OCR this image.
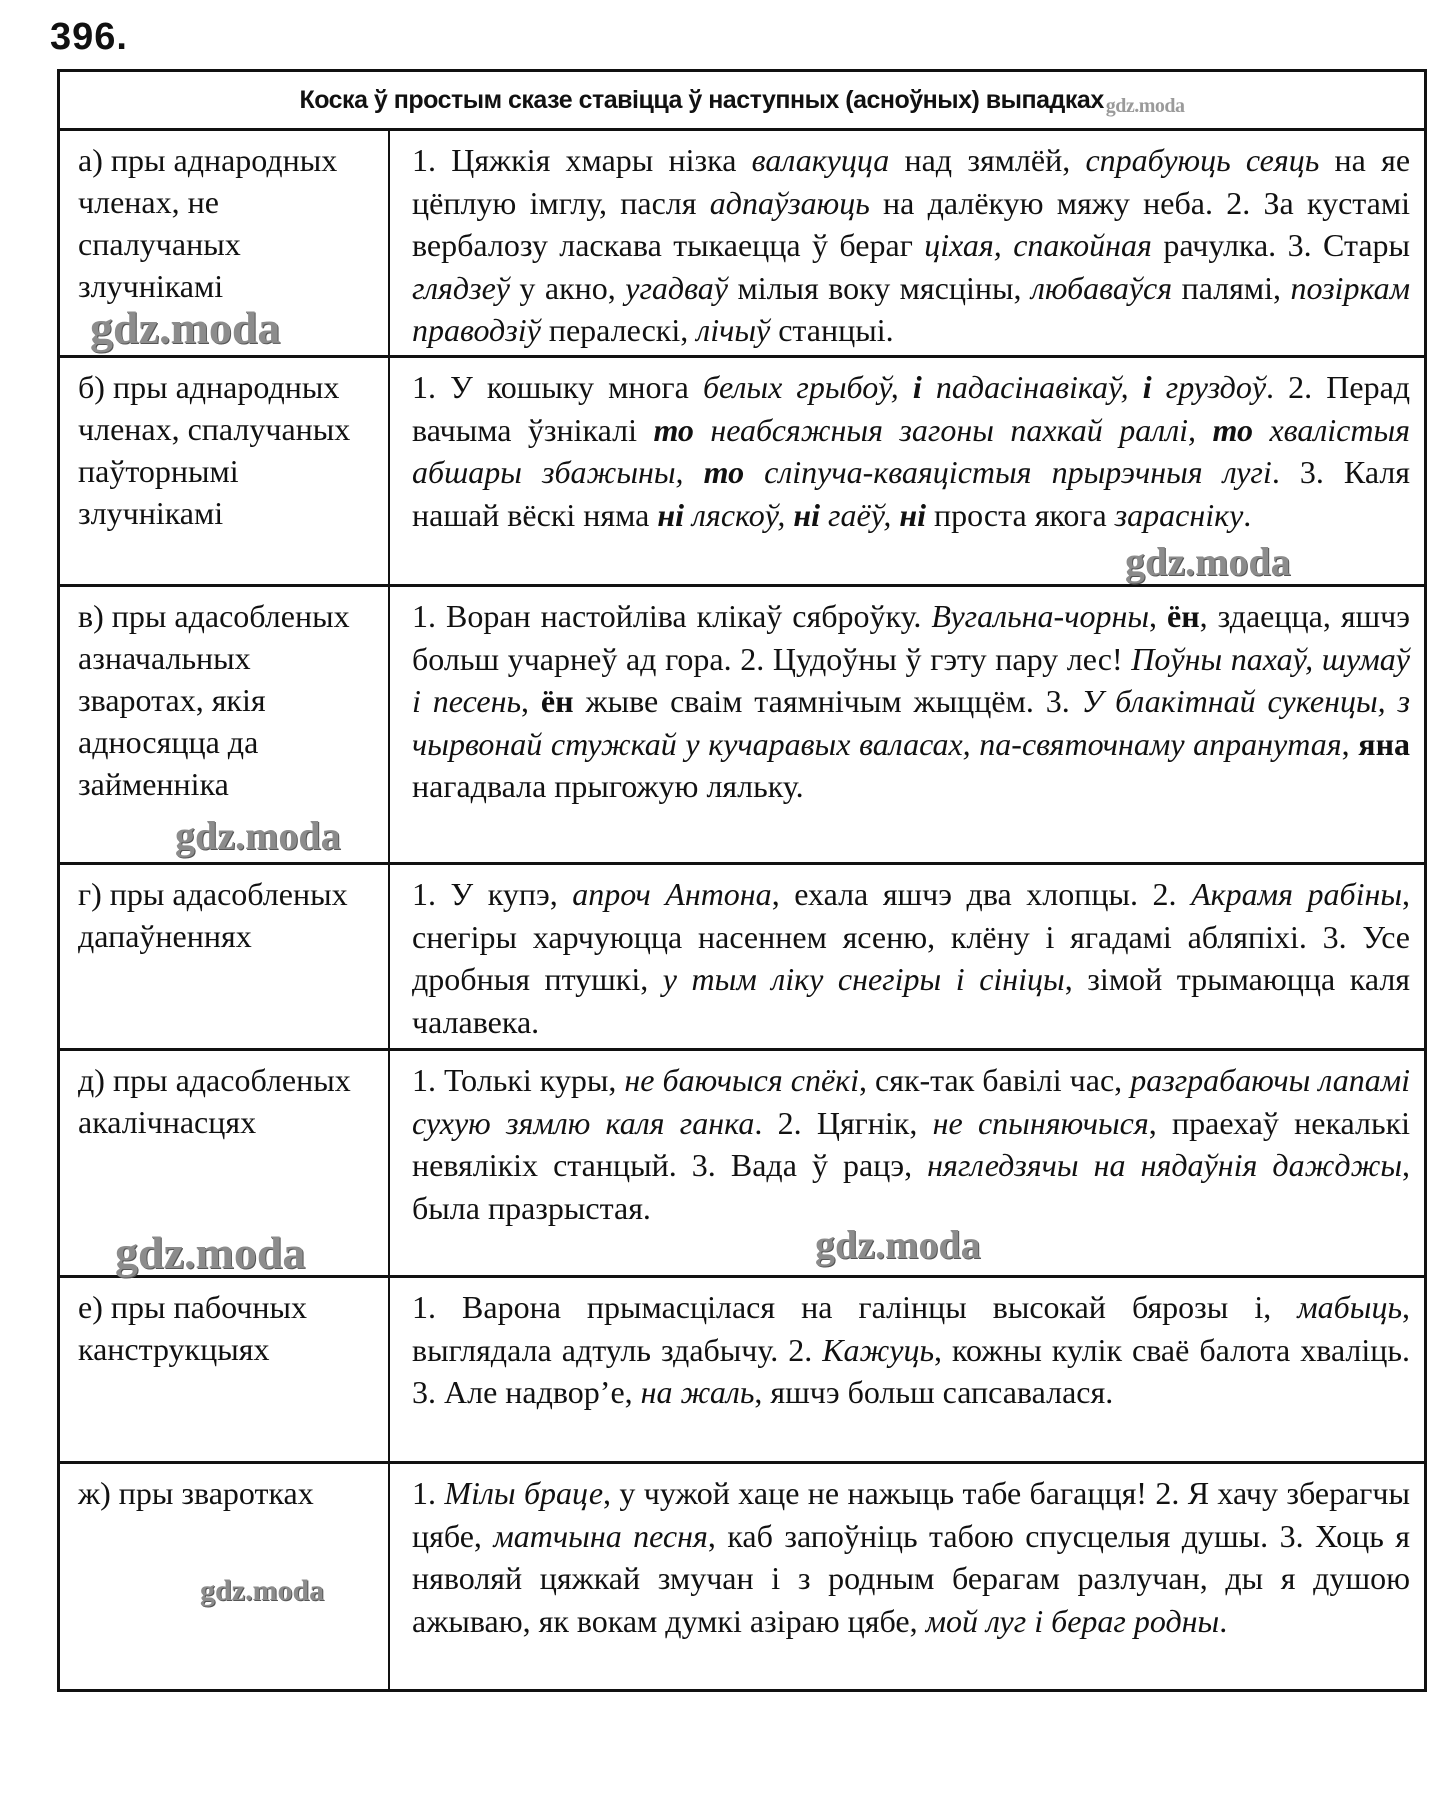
396.
Коска ў простым сказе ставіцца ў наступных (асноўных) выпадках gdz.moda
а) пры аднародных членах, не спалучаных злучнікамі
1. Цяжкія хмары нізка валакуцца над зямлёй, спрабуюць сеяць на яе цёплую імглу, пасля адпаўзаюць на далёкую мяжу неба. 2. За кустамі вербалозу ласкава тыкаецца ў бераг ціхая, спакойная рачулка. 3. Стары глядзеў у акно, угадваў мілыя воку мясціны, любаваўся палямі, позіркам праводзіў пералескі, лічыў станцыі.
gdz.moda
б) пры аднародных членах, спалучаных паўторнымі злучнікамі
1. У кошыку многа белых грыбоў, і падасінавікаў, і груздоў. 2. Перад вачыма ўзнікалі то неабсяжныя загоны пахкай раллі, то хвалістыя абшары збажыны, то сліпуча-кваяцістыя прырэчныя лугі. 3. Каля нашай вёскі няма ні ляскоў, ні гаёў, ні проста якога зарасніку.
gdz.moda
в) пры адасобленых азначальных зваротах, якія адносяцца да займенніка
1. Воран настойліва клікаў сяброўку. Вугальна-чорны, ён, здаецца, яшчэ больш учарнеў ад гора. 2. Цудоўны ў гэту пару лес! Поўны пахаў, шумаў і песень, ён жыве сваім таямнічым жыццём. 3. У блакітнай сукенцы, з чырвонай стужкай у кучаравых валасах, па-святочнаму апранутая, яна нагадвала прыгожую ляльку.
gdz.moda
г) пры адасобленых дапаўненнях
1. У купэ, апроч Антона, ехала яшчэ два хлопцы. 2. Акрамя рабіны, снегіры харчуюцца насеннем ясеню, клёну і ягадамі абляпіхі. 3. Усе дробныя птушкі, у тым ліку снегіры і сініцы, зімой трымаюцца каля чалавека.
д) пры адасобленых акалічнасцях
1. Толькі куры, не баючыся спёкі, сяк-так бавілі час, разграбаючы лапамі сухую зямлю каля ганка. 2. Цягнік, не спыняючыся, праехаў некалькі невялікіх станцый. 3. Вада ў рацэ, нягледзячы на нядаўнія дажджы, была празрыстая.
gdz.moda	gdz.moda
е) пры пабочных канструкцыях
1. Варона прымасцілася на галінцы высокай бярозы і, мабыць, выглядала адтуль здабычу. 2. Кажуць, кожны кулік сваё балота хваліць. 3. Але надвор’е, на жаль, яшчэ больш сапсавалася.
ж) пры зваротках	1. Мілы браце, у чужой хаце не нажыць табе багацця! 2. Я хачу зберагчы цябе, матчына песня, каб запоўніць табою спусцелыя душы. 3. Хоць я няволяй цяжкай змучан і з родным берагам разлучан, ды я душою ажываю, як вокам думкі азіраю цябе, мой луг і бераг родны.
gdz.moda
